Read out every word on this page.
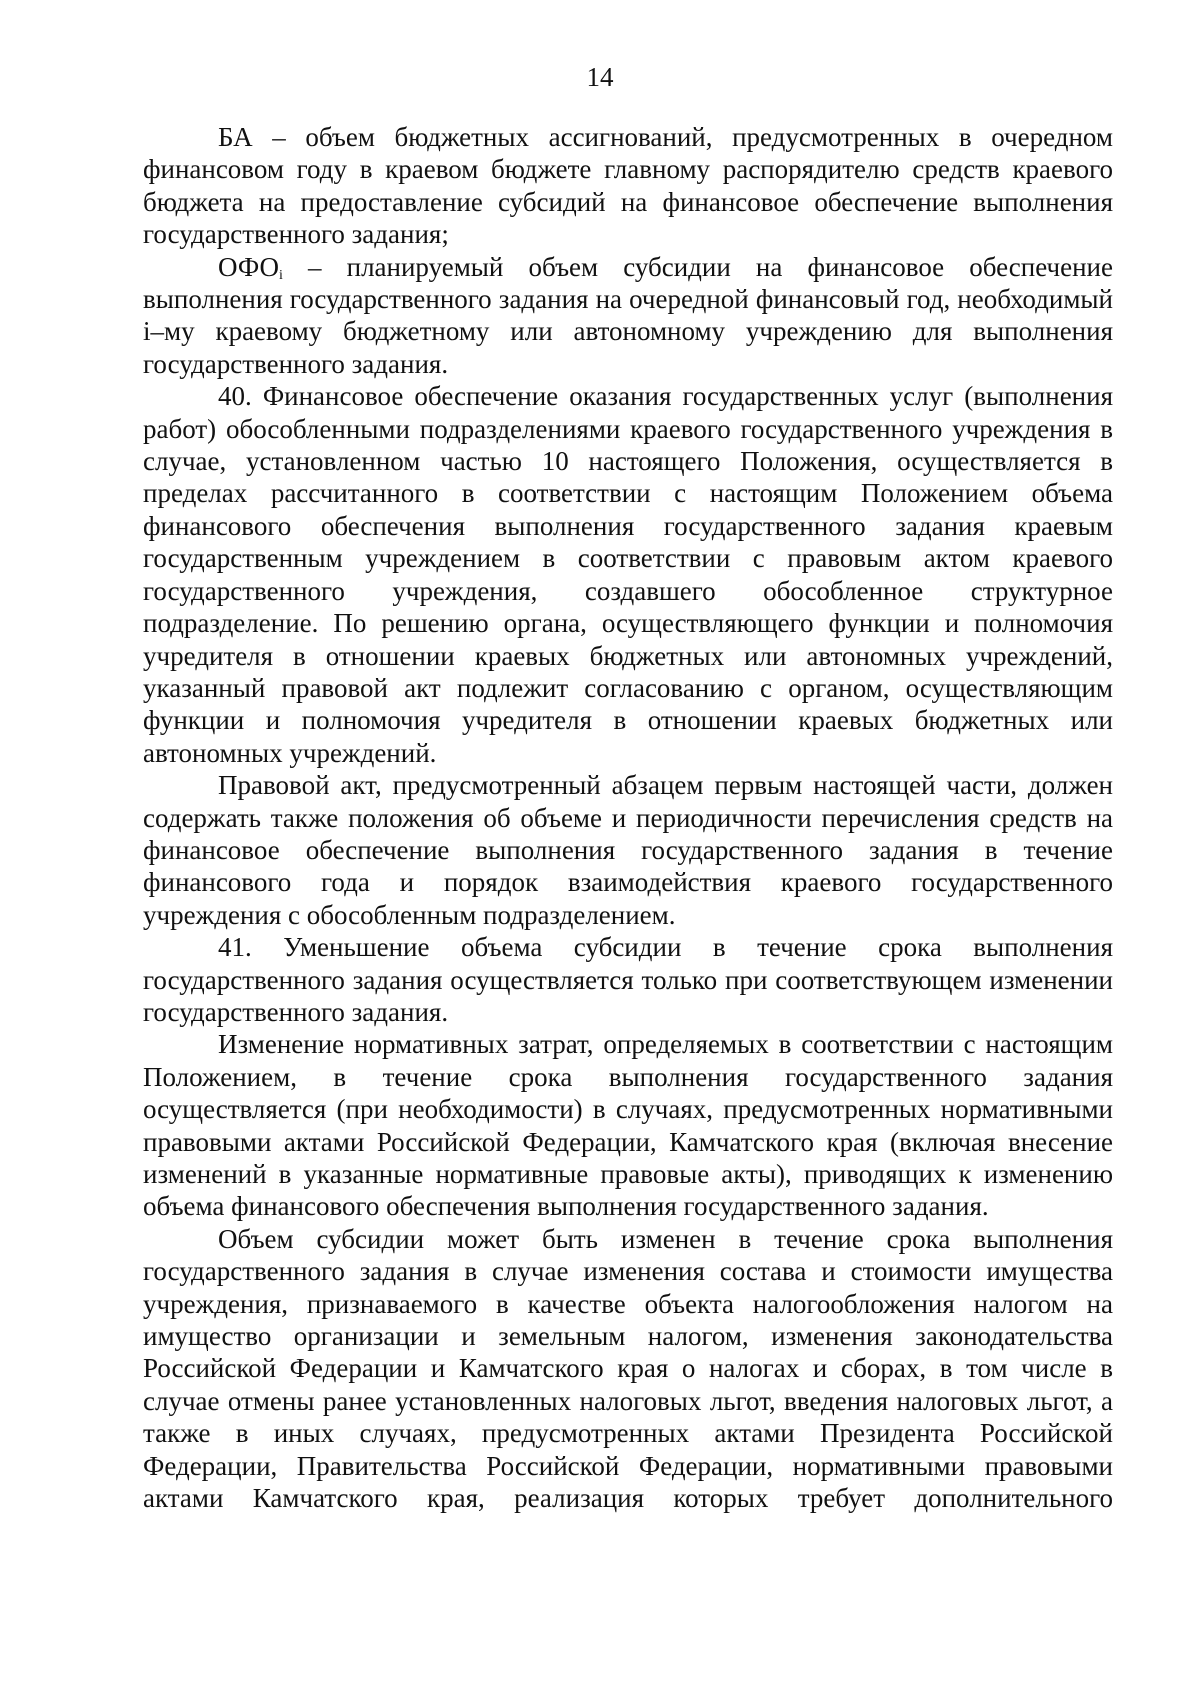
14

БА – объем бюджетных ассигнований, предусмотренных в очередном финансовом году в краевом бюджете главному распорядителю средств краевого бюджета на предоставление субсидий на финансовое обеспечение выполнения государственного задания;

$ОФО_i$ – планируемый объем субсидии на финансовое обеспечение выполнения государственного задания на очередной финансовый год, необходимый i–му краевому бюджетному или автономному учреждению для выполнения государственного задания.

40. Финансовое обеспечение оказания государственных услуг (выполнения работ) обособленными подразделениями краевого государственного учреждения в случае, установленном частью 10 настоящего Положения, осуществляется в пределах рассчитанного в соответствии с настоящим Положением объема финансового обеспечения выполнения государственного задания краевым государственным учреждением в соответствии с правовым актом краевого государственного учреждения, создавшего обособленное структурное подразделение. По решению органа, осуществляющего функции и полномочия учредителя в отношении краевых бюджетных или автономных учреждений, указанный правовой акт подлежит согласованию с органом, осуществляющим функции и полномочия учредителя в отношении краевых бюджетных или автономных учреждений.

Правовой акт, предусмотренный абзацем первым настоящей части, должен содержать также положения об объеме и периодичности перечисления средств на финансовое обеспечение выполнения государственного задания в течение финансового года и порядок взаимодействия краевого государственного учреждения с обособленным подразделением.

41. Уменьшение объема субсидии в течение срока выполнения государственного задания осуществляется только при соответствующем изменении государственного задания.

Изменение нормативных затрат, определяемых в соответствии с настоящим Положением, в течение срока выполнения государственного задания осуществляется (при необходимости) в случаях, предусмотренных нормативными правовыми актами Российской Федерации, Камчатского края (включая внесение изменений в указанные нормативные правовые акты), приводящих к изменению объема финансового обеспечения выполнения государственного задания.

Объем субсидии может быть изменен в течение срока выполнения государственного задания в случае изменения состава и стоимости имущества учреждения, признаваемого в качестве объекта налогообложения налогом на имущество организации и земельным налогом, изменения законодательства Российской Федерации и Камчатского края о налогах и сборах, в том числе в случае отмены ранее установленных налоговых льгот, введения налоговых льгот, а также в иных случаях, предусмотренных актами Президента Российской Федерации, Правительства Российской Федерации, нормативными правовыми актами Камчатского края, реализация которых требует дополнительного
